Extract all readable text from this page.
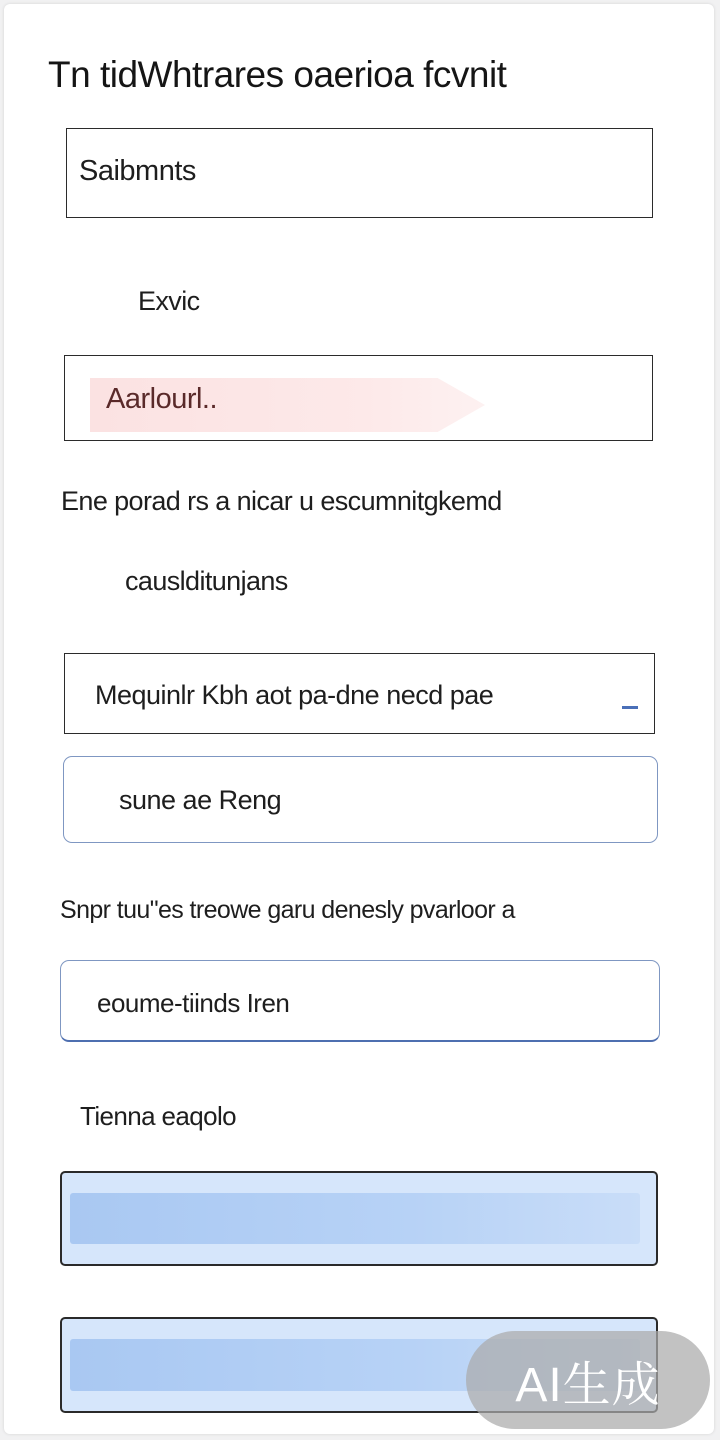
Tn tidWhtrares oaerioa fcvnit
Saibmnts
Exvic
Aarlourl..
Ene porad rs a nicar u escumnitgkemd
causlditunjans
Mequinlr Kbh aot pa-dne necd pae
sune ae Reng
Snpr tuu"es treowe garu denesly pvarloor a
eoume-tiinds Iren
Tienna eaqolo
AI生成
